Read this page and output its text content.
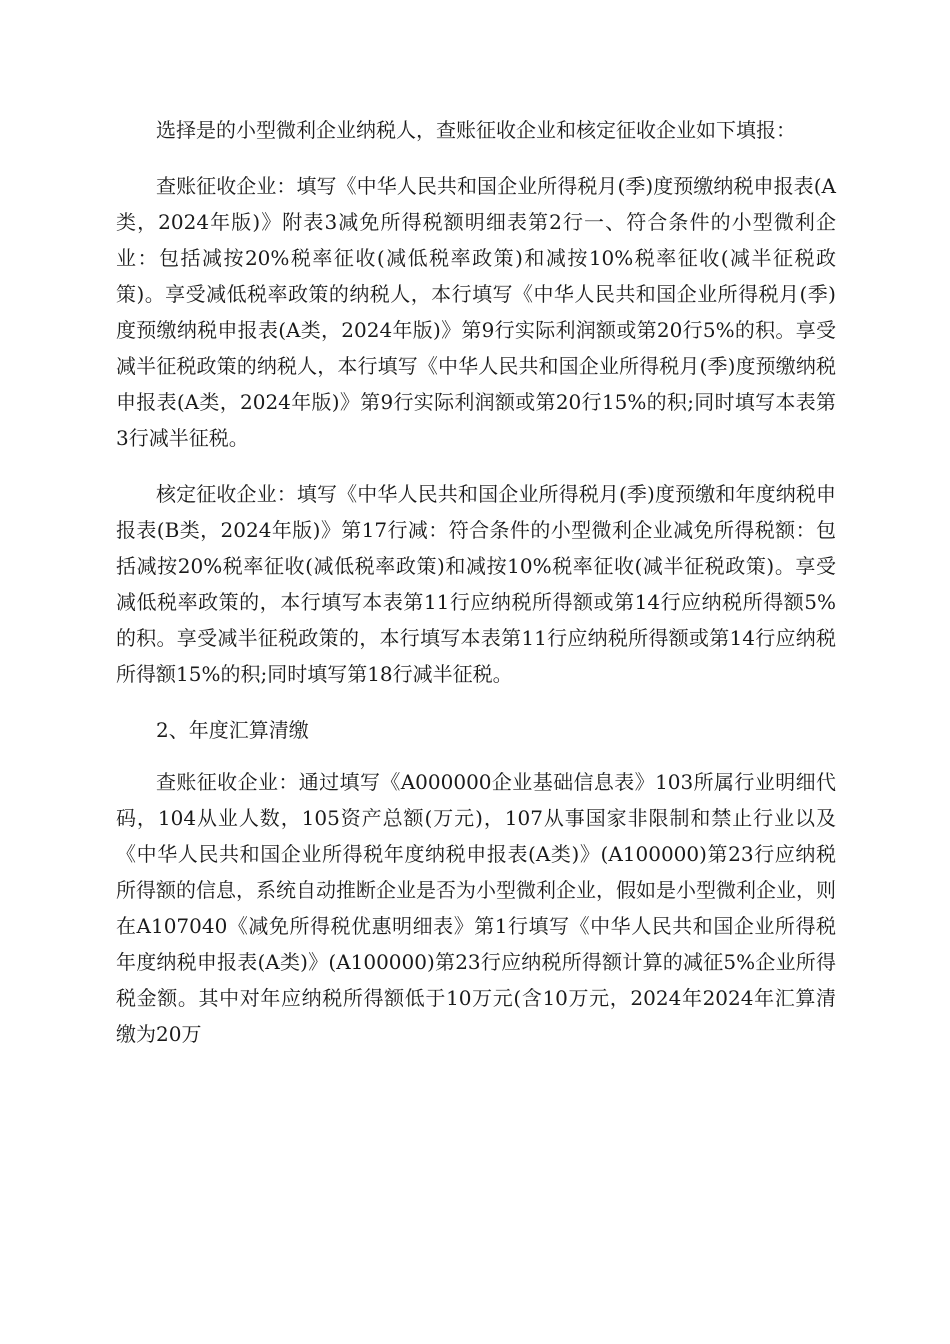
选择是的小型微利企业纳税人，查账征收企业和核定征收企业如下填报：

查账征收企业：填写《中华人民共和国企业所得税月(季)度预缴纳税申报表(A类，2024年版)》附表3减免所得税额明细表第2行一、符合条件的小型微利企业：包括减按20%税率征收(减低税率政策)和减按10%税率征收(减半征税政策)。享受减低税率政策的纳税人，本行填写《中华人民共和国企业所得税月(季)度预缴纳税申报表(A类，2024年版)》第9行实际利润额或第20行5%的积。享受减半征税政策的纳税人，本行填写《中华人民共和国企业所得税月(季)度预缴纳税申报表(A类，2024年版)》第9行实际利润额或第20行15%的积;同时填写本表第3行减半征税。

核定征收企业：填写《中华人民共和国企业所得税月(季)度预缴和年度纳税申报表(B类，2024年版)》第17行减：符合条件的小型微利企业减免所得税额：包括减按20%税率征收(减低税率政策)和减按10%税率征收(减半征税政策)。享受减低税率政策的，本行填写本表第11行应纳税所得额或第14行应纳税所得额5%的积。享受减半征税政策的，本行填写本表第11行应纳税所得额或第14行应纳税所得额15%的积;同时填写第18行减半征税。

2、年度汇算清缴

查账征收企业：通过填写《A000000企业基础信息表》103所属行业明细代码，104从业人数，105资产总额(万元)，107从事国家非限制和禁止行业以及《中华人民共和国企业所得税年度纳税申报表(A类)》(A100000)第23行应纳税所得额的信息，系统自动推断企业是否为小型微利企业，假如是小型微利企业，则在A107040《减免所得税优惠明细表》第1行填写《中华人民共和国企业所得税年度纳税申报表(A类)》(A100000)第23行应纳税所得额计算的减征5%企业所得税金额。其中对年应纳税所得额低于10万元(含10万元，2024年2024年汇算清缴为20万
